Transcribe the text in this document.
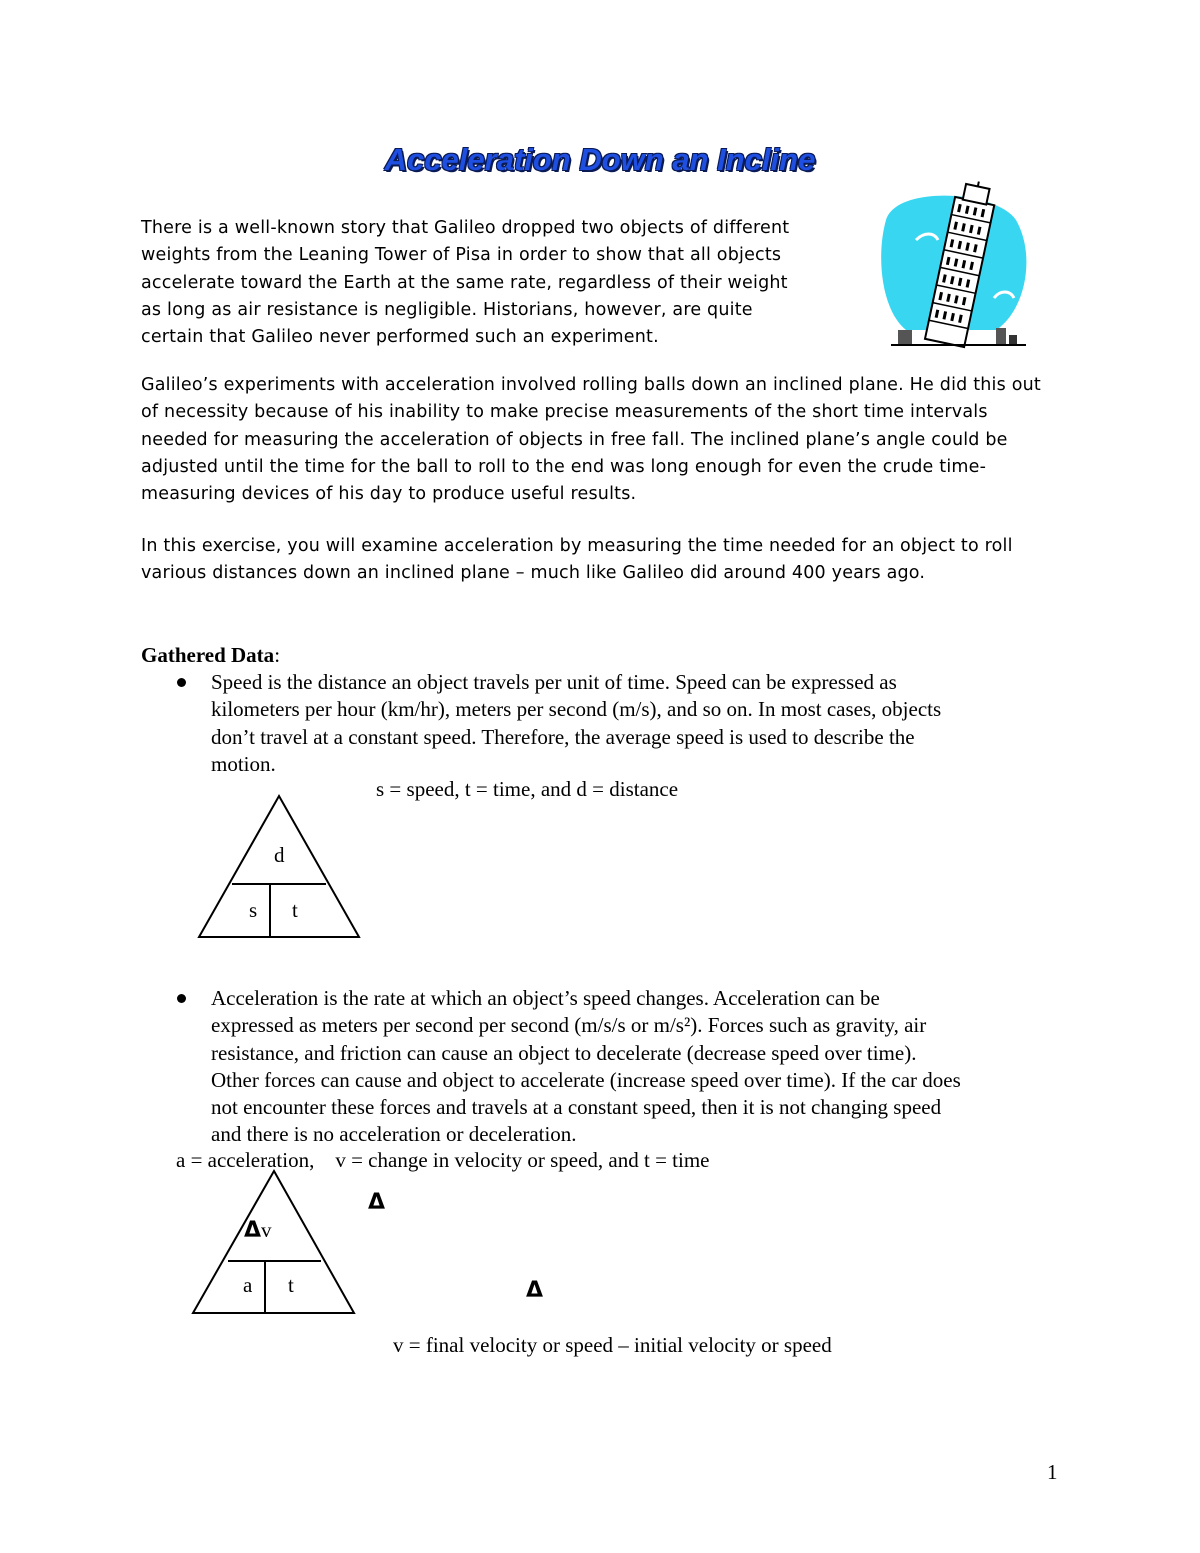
Acceleration Down an Incline
There is a well-known story that Galileo dropped two objects of different
weights from the Leaning Tower of Pisa in order to show that all objects
accelerate toward the Earth at the same rate, regardless of their weight
as long as air resistance is negligible. Historians, however, are quite
certain that Galileo never performed such an experiment.
Galileo’s experiments with acceleration involved rolling balls down an inclined plane. He did this out
of necessity because of his inability to make precise measurements of the short time intervals
needed for measuring the acceleration of objects in free fall. The inclined plane’s angle could be
adjusted until the time for the ball to roll to the end was long enough for even the crude time-
measuring devices of his day to produce useful results.
In this exercise, you will examine acceleration by measuring the time needed for an object to roll
various distances down an inclined plane – much like Galileo did around 400 years ago.
Gathered Data:
Speed is the distance an object travels per unit of time. Speed can be expressed as
kilometers per hour (km/hr), meters per second (m/s), and so on. In most cases, objects
don’t travel at a constant speed. Therefore, the average speed is used to describe the
motion.
s = speed, t = time, and d = distance
d
s t
Acceleration is the rate at which an object’s speed changes. Acceleration can be
expressed as meters per second per second (m/s/s or m/s²). Forces such as gravity, air
resistance, and friction can cause an object to decelerate (decrease speed over time).
Other forces can cause and object to accelerate (increase speed over time). If the car does
not encounter these forces and travels at a constant speed, then it is not changing speed
and there is no acceleration or deceleration.
a = acceleration,    v = change in velocity or speed, and t = time
Δv
a t
Δ
Δ
v = final velocity or speed – initial velocity or speed
1
